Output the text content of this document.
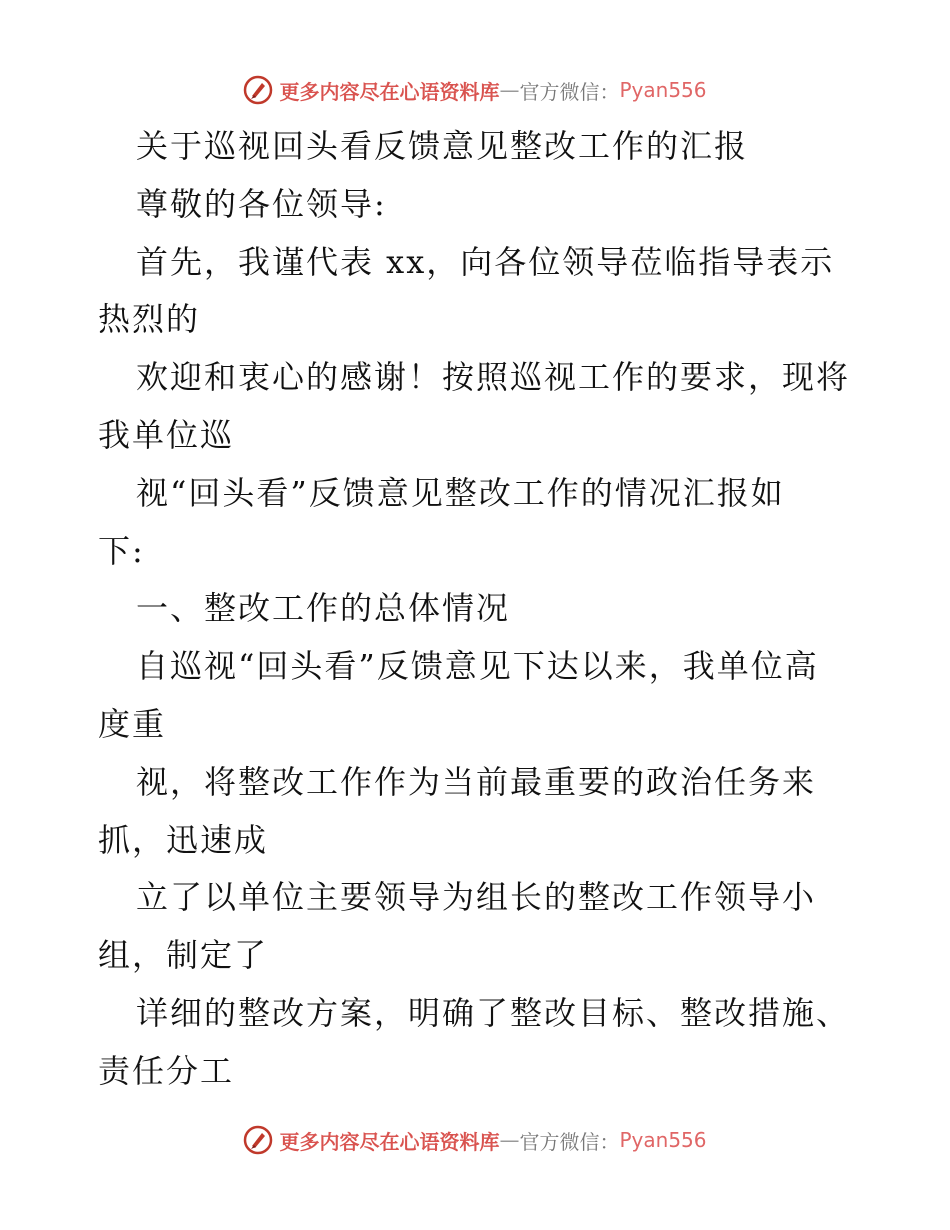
更多内容尽在心语资料库 — 官方微信： Pyan556
关于巡视回头看反馈意见整改工作的汇报
尊敬的各位领导:
首先，我谨代表 xx，向各位领导莅临指导表示
热烈的
欢迎和衷心的感谢！按照巡视工作的要求，现将
我单位巡
视“回头看”反馈意见整改工作的情况汇报如
下:
一、整改工作的总体情况
自巡视“回头看”反馈意见下达以来，我单位高
度重
视，将整改工作作为当前最重要的政治任务来
抓，迅速成
立了以单位主要领导为组长的整改工作领导小
组，制定了
详细的整改方案，明确了整改目标、整改措施、
责任分工
更多内容尽在心语资料库 — 官方微信： Pyan556
